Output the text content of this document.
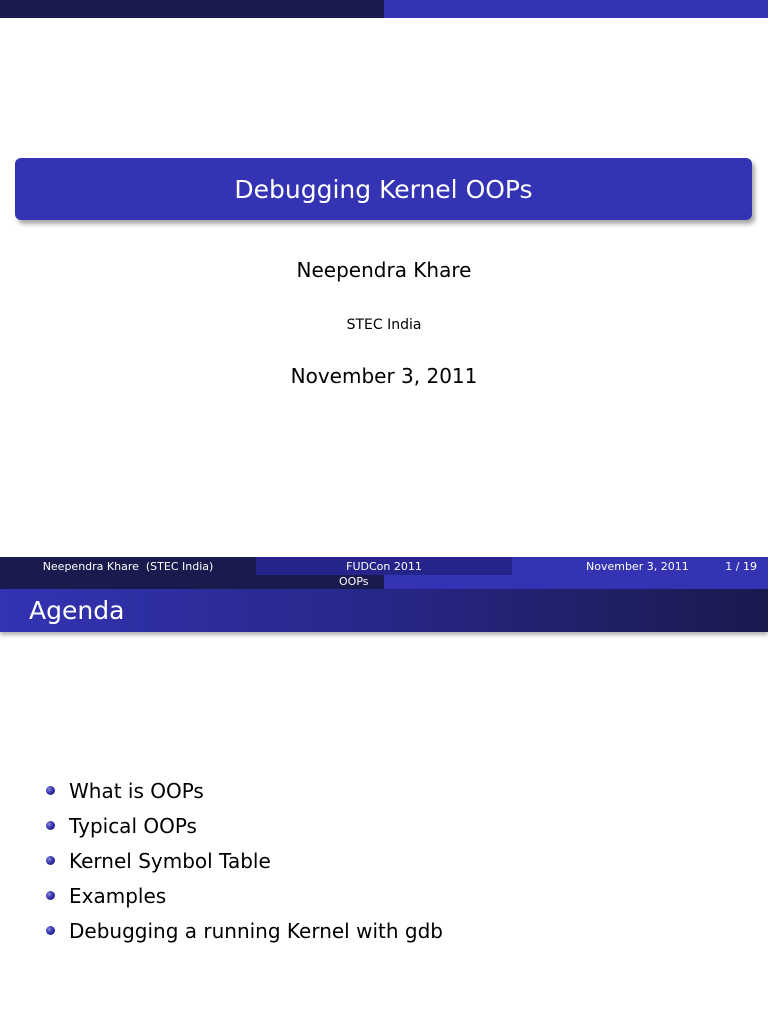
Debugging Kernel OOPs
Neependra Khare
STEC India
November 3, 2011
Neependra Khare  (STEC India)	FUDCon 2011	November 3, 2011	1 / 19
OOPs
Agenda
What is OOPs
Typical OOPs
Kernel Symbol Table
Examples
Debugging a running Kernel with gdb
